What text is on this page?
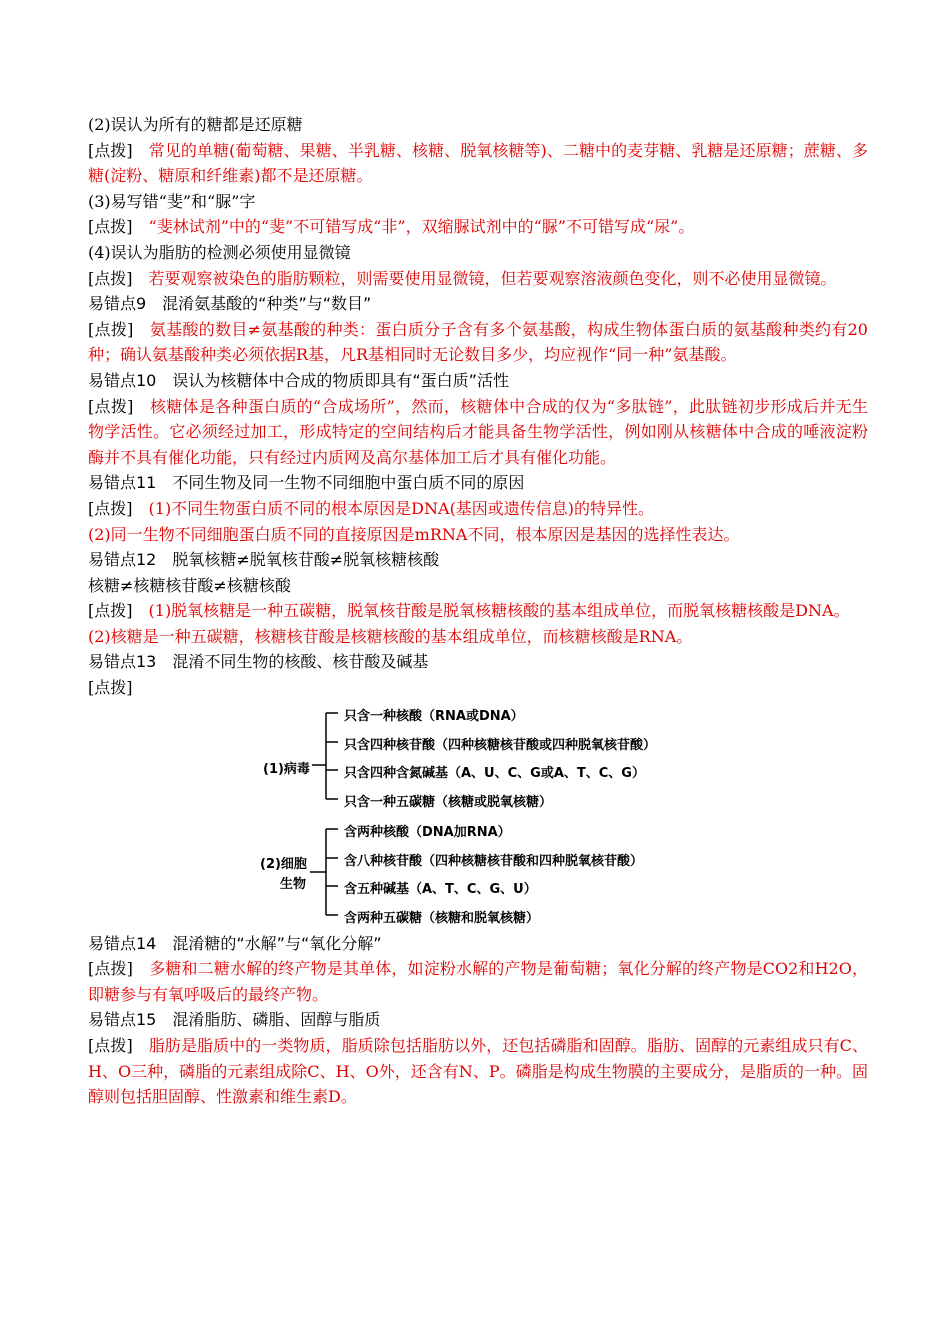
(2)误认为所有的糖都是还原糖
[点拨]　 常见的单糖(葡萄糖、果糖、半乳糖、核糖、脱氧核糖等)、二糖中的麦芽糖、乳糖是还原糖；蔗糖、多糖(淀粉、糖原和纤维素)都不是还原糖。
(3)易写错“斐”和“脲”字
[点拨]　 “斐林试剂”中的“斐”不可错写成“非”，双缩脲试剂中的“脲”不可错写成“尿”。
(4)误认为脂肪的检测必须使用显微镜
[点拨]　 若要观察被染色的脂肪颗粒，则需要使用显微镜，但若要观察溶液颜色变化，则不必使用显微镜。
易错点9　混淆氨基酸的“种类”与“数目”
[点拨]　 氨基酸的数目≠氨基酸的种类：蛋白质分子含有多个氨基酸，构成生物体蛋白质的氨基酸种类约有20种；确认氨基酸种类必须依据R基，凡R基相同时无论数目多少，均应视作“同一种”氨基酸。
易错点10　误认为核糖体中合成的物质即具有“蛋白质”活性
[点拨]　 核糖体是各种蛋白质的“合成场所”，然而，核糖体中合成的仅为“多肽链”，此肽链初步形成后并无生物学活性。它必须经过加工，形成特定的空间结构后才能具备生物学活性，例如刚从核糖体中合成的唾液淀粉酶并不具有催化功能，只有经过内质网及高尔基体加工后才具有催化功能。
易错点11　不同生物及同一生物不同细胞中蛋白质不同的原因
[点拨]　 (1)不同生物蛋白质不同的根本原因是DNA(基因或遗传信息)的特异性。
(2)同一生物不同细胞蛋白质不同的直接原因是mRNA不同，根本原因是基因的选择性表达。
易错点12　脱氧核糖≠脱氧核苷酸≠脱氧核糖核酸
核糖≠核糖核苷酸≠核糖核酸
[点拨]　 (1)脱氧核糖是一种五碳糖，脱氧核苷酸是脱氧核糖核酸的基本组成单位，而脱氧核糖核酸是DNA。
(2)核糖是一种五碳糖，核糖核苷酸是核糖核酸的基本组成单位，而核糖核酸是RNA。
易错点13　混淆不同生物的核酸、核苷酸及碱基
[点拨]
(1)病毒
只含一种核酸（RNA或DNA）
只含四种核苷酸（四种核糖核苷酸或四种脱氧核苷酸）
只含四种含氮碱基（A、U、C、G或A、T、C、G）
只含一种五碳糖（核糖或脱氧核糖）
(2)细胞
生物
含两种核酸（DNA加RNA）
含八种核苷酸（四种核糖核苷酸和四种脱氧核苷酸）
含五种碱基（A、T、C、G、U）
含两种五碳糖（核糖和脱氧核糖）
易错点14　混淆糖的“水解”与“氧化分解”
[点拨]　 多糖和二糖水解的终产物是其单体，如淀粉水解的产物是葡萄糖；氧化分解的终产物是CO2和H2O，即糖参与有氧呼吸后的最终产物。
易错点15　混淆脂肪、磷脂、固醇与脂质
[点拨]　 脂肪是脂质中的一类物质，脂质除包括脂肪以外，还包括磷脂和固醇。脂肪、固醇的元素组成只有C、H、O三种，磷脂的元素组成除C、H、O外，还含有N、P。磷脂是构成生物膜的主要成分，是脂质的一种。固醇则包括胆固醇、性激素和维生素D。
